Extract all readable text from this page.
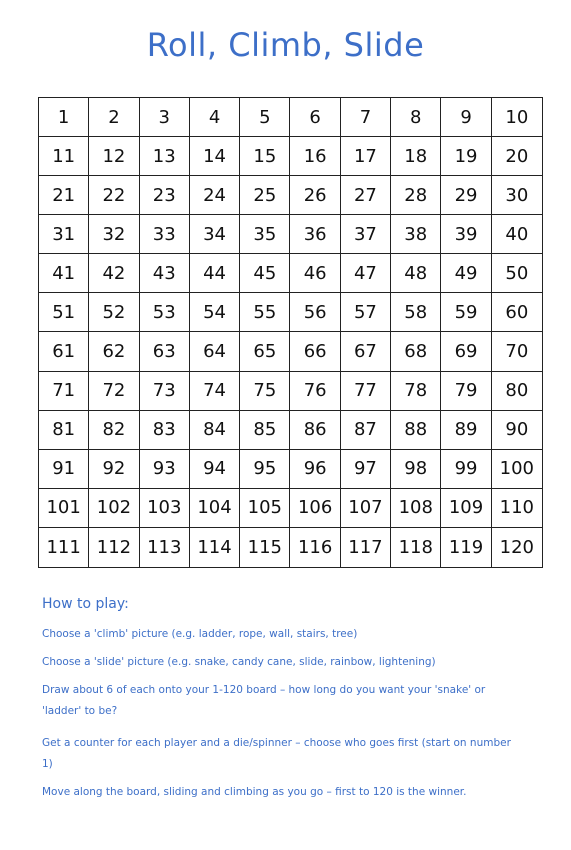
Roll, Climb, Slide
1	2	3	4	5	6	7	8	9	10
11	12	13	14	15	16	17	18	19	20
21	22	23	24	25	26	27	28	29	30
31	32	33	34	35	36	37	38	39	40
41	42	43	44	45	46	47	48	49	50
51	52	53	54	55	56	57	58	59	60
61	62	63	64	65	66	67	68	69	70
71	72	73	74	75	76	77	78	79	80
81	82	83	84	85	86	87	88	89	90
91	92	93	94	95	96	97	98	99	100
101 102 103 104 105 106 107 108 109 110
111 112 113 114 115 116 117 118 119 120
How to play:
Choose a 'climb' picture (e.g. ladder, rope, wall, stairs, tree)
Choose a 'slide' picture (e.g. snake, candy cane, slide, rainbow, lightening)
Draw about 6 of each onto your 1-120 board – how long do you want your 'snake' or 'ladder' to be?
Get a counter for each player and a die/spinner – choose who goes first (start on number 1)
Move along the board, sliding and climbing as you go – first to 120 is the winner.
